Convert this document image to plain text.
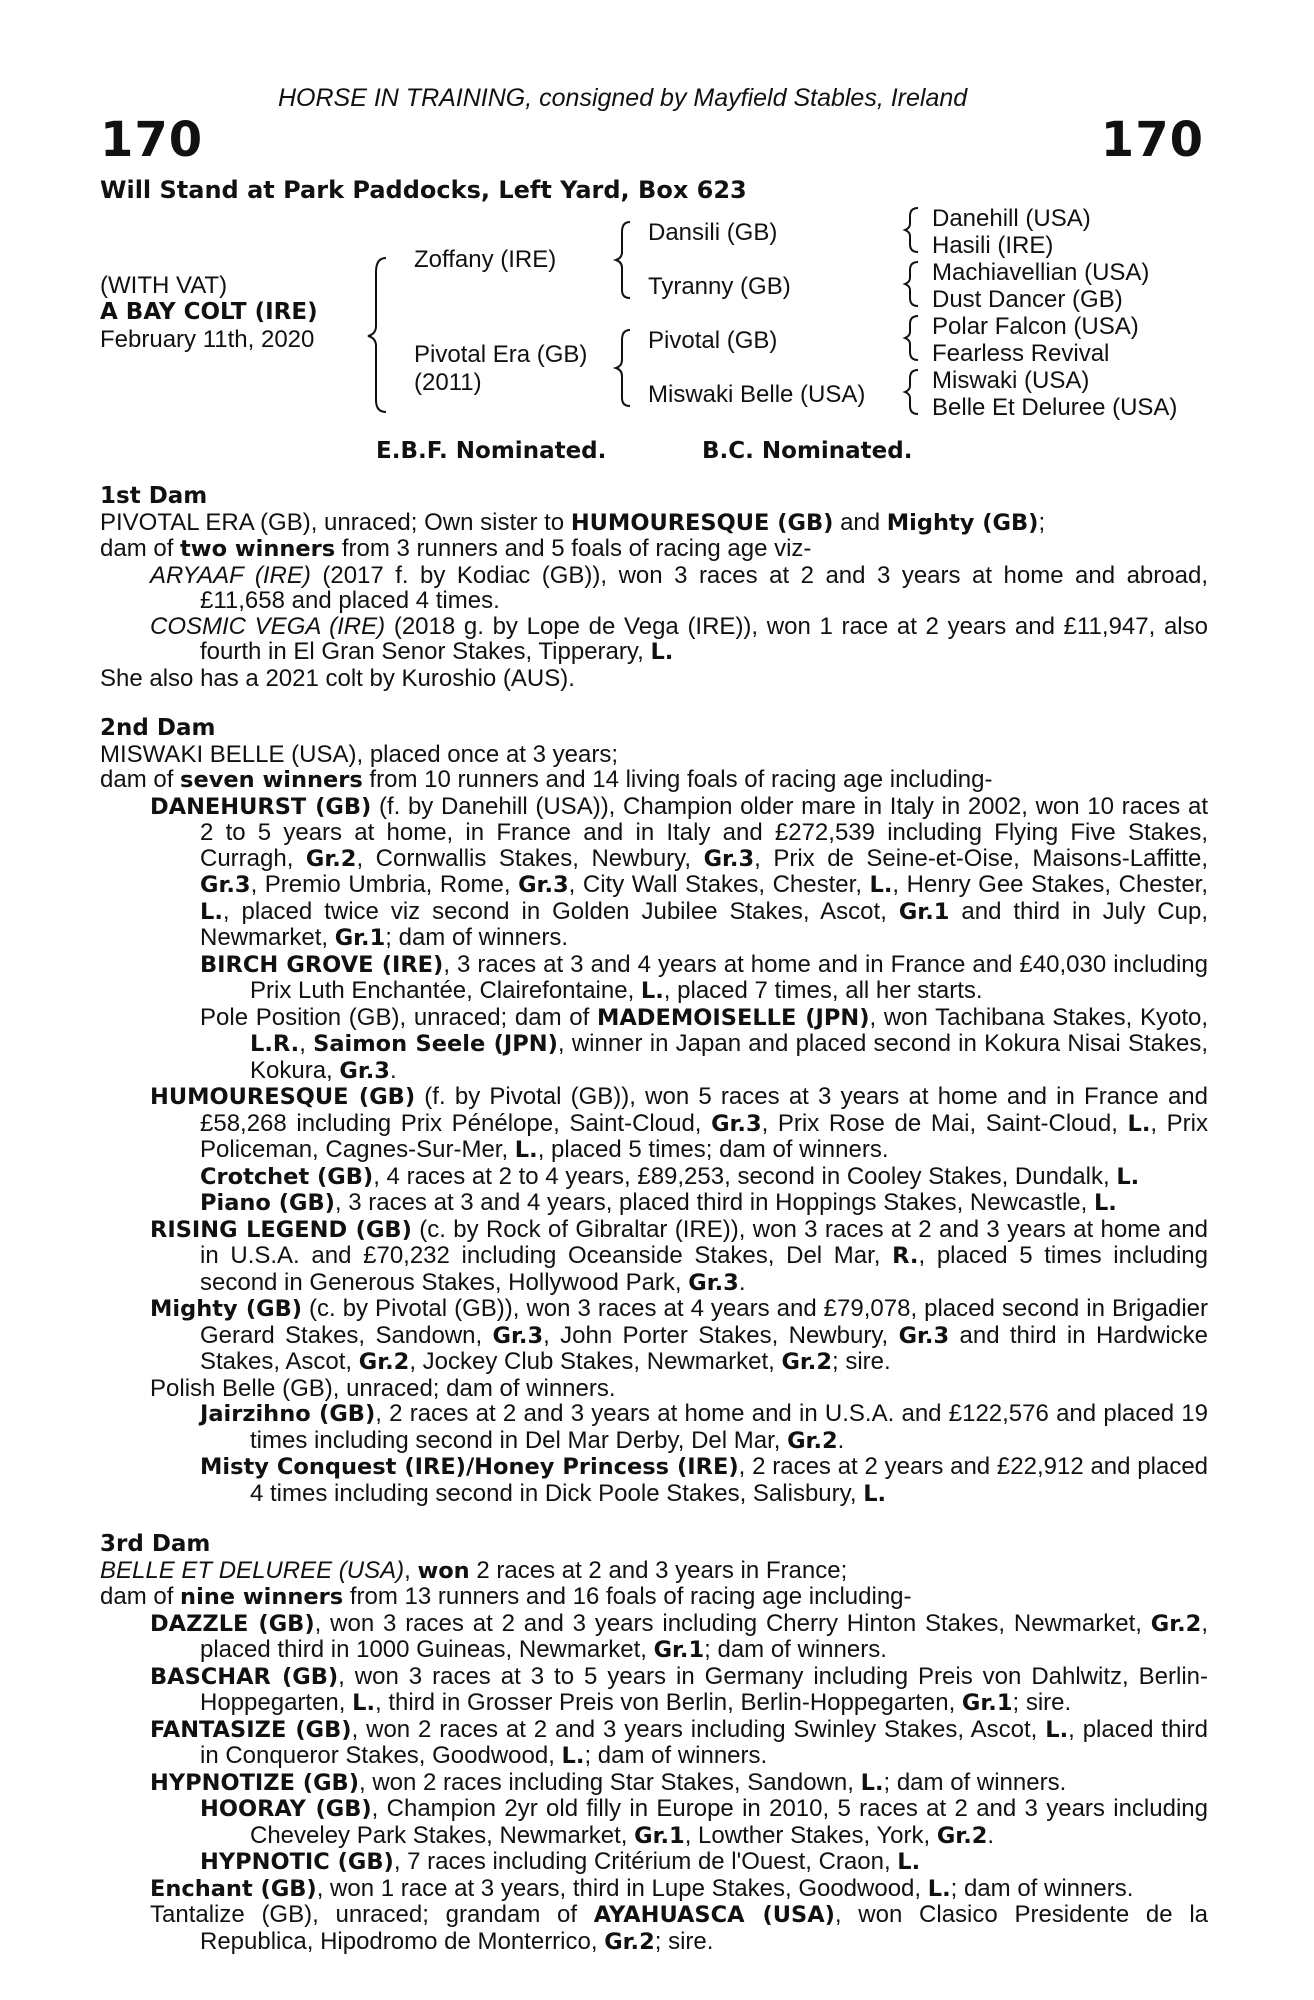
HORSE IN TRAINING, consigned by Mayfield Stables, Ireland
170	170
Will Stand at Park Paddocks, Left Yard, Box 623
(WITH VAT)
A BAY COLT (IRE)
February 11th, 2020
Zoffany (IRE)
Pivotal Era (GB)
(2011)
Dansili (GB)
Tyranny (GB)
Pivotal (GB)
Miswaki Belle (USA)
Danehill (USA)
Hasili (IRE)
Machiavellian (USA)
Dust Dancer (GB)
Polar Falcon (USA)
Fearless Revival
Miswaki (USA)
Belle Et Deluree (USA)
E.B.F. Nominated.	B.C. Nominated.
1st Dam
PIVOTAL ERA (GB), unraced; Own sister to HUMOURESQUE (GB) and Mighty (GB);
dam of two winners from 3 runners and 5 foals of racing age viz-
ARYAAF (IRE) (2017 f. by Kodiac (GB)), won 3 races at 2 and 3 years at home and abroad, £11,658 and placed 4 times.
COSMIC VEGA (IRE) (2018 g. by Lope de Vega (IRE)), won 1 race at 2 years and £11,947, also fourth in El Gran Senor Stakes, Tipperary, L.
She also has a 2021 colt by Kuroshio (AUS).
2nd Dam
MISWAKI BELLE (USA), placed once at 3 years;
dam of seven winners from 10 runners and 14 living foals of racing age including-
DANEHURST (GB) (f. by Danehill (USA)), Champion older mare in Italy in 2002, won 10 races at 2 to 5 years at home, in France and in Italy and £272,539 including Flying Five Stakes, Curragh, Gr.2, Cornwallis Stakes, Newbury, Gr.3, Prix de Seine-et-Oise, Maisons-Laffitte, Gr.3, Premio Umbria, Rome, Gr.3, City Wall Stakes, Chester, L., Henry Gee Stakes, Chester, L., placed twice viz second in Golden Jubilee Stakes, Ascot, Gr.1 and third in July Cup, Newmarket, Gr.1; dam of winners.
BIRCH GROVE (IRE), 3 races at 3 and 4 years at home and in France and £40,030 including Prix Luth Enchantée, Clairefontaine, L., placed 7 times, all her starts.
Pole Position (GB), unraced; dam of MADEMOISELLE (JPN), won Tachibana Stakes, Kyoto, L.R., Saimon Seele (JPN), winner in Japan and placed second in Kokura Nisai Stakes, Kokura, Gr.3.
HUMOURESQUE (GB) (f. by Pivotal (GB)), won 5 races at 3 years at home and in France and £58,268 including Prix Pénélope, Saint-Cloud, Gr.3, Prix Rose de Mai, Saint-Cloud, L., Prix Policeman, Cagnes-Sur-Mer, L., placed 5 times; dam of winners.
Crotchet (GB), 4 races at 2 to 4 years, £89,253, second in Cooley Stakes, Dundalk, L.
Piano (GB), 3 races at 3 and 4 years, placed third in Hoppings Stakes, Newcastle, L.
RISING LEGEND (GB) (c. by Rock of Gibraltar (IRE)), won 3 races at 2 and 3 years at home and in U.S.A. and £70,232 including Oceanside Stakes, Del Mar, R., placed 5 times including second in Generous Stakes, Hollywood Park, Gr.3.
Mighty (GB) (c. by Pivotal (GB)), won 3 races at 4 years and £79,078, placed second in Brigadier Gerard Stakes, Sandown, Gr.3, John Porter Stakes, Newbury, Gr.3 and third in Hardwicke Stakes, Ascot, Gr.2, Jockey Club Stakes, Newmarket, Gr.2; sire.
Polish Belle (GB), unraced; dam of winners.
Jairzihno (GB), 2 races at 2 and 3 years at home and in U.S.A. and £122,576 and placed 19 times including second in Del Mar Derby, Del Mar, Gr.2.
Misty Conquest (IRE)/Honey Princess (IRE), 2 races at 2 years and £22,912 and placed 4 times including second in Dick Poole Stakes, Salisbury, L.
3rd Dam
BELLE ET DELUREE (USA), won 2 races at 2 and 3 years in France;
dam of nine winners from 13 runners and 16 foals of racing age including-
DAZZLE (GB), won 3 races at 2 and 3 years including Cherry Hinton Stakes, Newmarket, Gr.2, placed third in 1000 Guineas, Newmarket, Gr.1; dam of winners.
BASCHAR (GB), won 3 races at 3 to 5 years in Germany including Preis von Dahlwitz, Berlin-Hoppegarten, L., third in Grosser Preis von Berlin, Berlin-Hoppegarten, Gr.1; sire.
FANTASIZE (GB), won 2 races at 2 and 3 years including Swinley Stakes, Ascot, L., placed third in Conqueror Stakes, Goodwood, L.; dam of winners.
HYPNOTIZE (GB), won 2 races including Star Stakes, Sandown, L.; dam of winners.
HOORAY (GB), Champion 2yr old filly in Europe in 2010, 5 races at 2 and 3 years including Cheveley Park Stakes, Newmarket, Gr.1, Lowther Stakes, York, Gr.2.
HYPNOTIC (GB), 7 races including Critérium de l'Ouest, Craon, L.
Enchant (GB), won 1 race at 3 years, third in Lupe Stakes, Goodwood, L.; dam of winners.
Tantalize (GB), unraced; grandam of AYAHUASCA (USA), won Clasico Presidente de la Republica, Hipodromo de Monterrico, Gr.2; sire.
